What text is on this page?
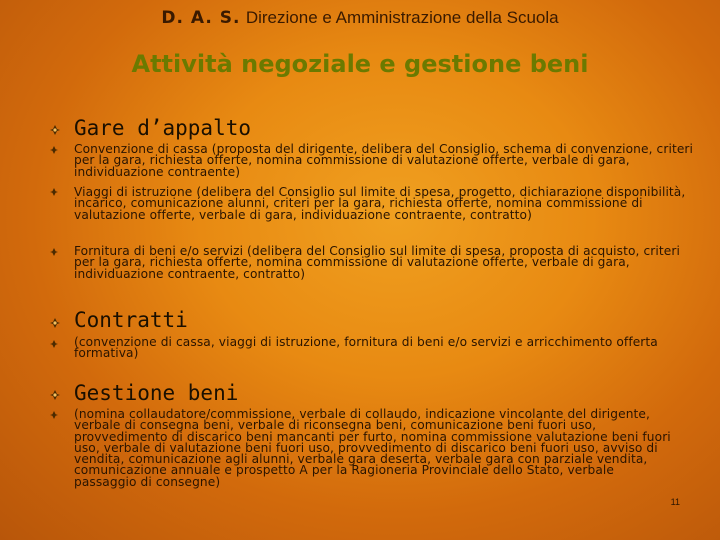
D. A. S. Direzione e Amministrazione della Scuola
Attività negoziale e gestione beni
Gare d’appalto
Convenzione di cassa (proposta del dirigente, delibera del Consiglio, schema di convenzione, criteri per la gara, richiesta offerte, nomina commissione di valutazione offerte, verbale di gara, individuazione contraente)
Viaggi di istruzione (delibera del Consiglio sul limite di spesa, progetto, dichiarazione disponibilità, incarico, comunicazione alunni, criteri per la gara, richiesta offerte, nomina commissione di valutazione offerte, verbale di gara, individuazione contraente, contratto)
Fornitura di beni e/o servizi (delibera del Consiglio sul limite di spesa, proposta di acquisto, criteri per la gara, richiesta offerte, nomina commissione di valutazione offerte, verbale di gara, individuazione contraente, contratto)
Contratti
(convenzione di cassa, viaggi di istruzione, fornitura di beni e/o servizi e arricchimento offerta formativa)
Gestione beni
(nomina collaudatore/commissione, verbale di collaudo, indicazione vincolante del dirigente, verbale di consegna beni, verbale di riconsegna beni, comunicazione beni fuori uso, provvedimento di discarico beni mancanti per furto, nomina commissione valutazione beni fuori uso, verbale di valutazione beni fuori uso, provvedimento di discarico beni fuori uso, avviso di vendita, comunicazione agli alunni, verbale gara deserta, verbale gara con parziale vendita, comunicazione annuale e prospetto A per la Ragioneria Provinciale dello Stato, verbale passaggio di consegne)
11
